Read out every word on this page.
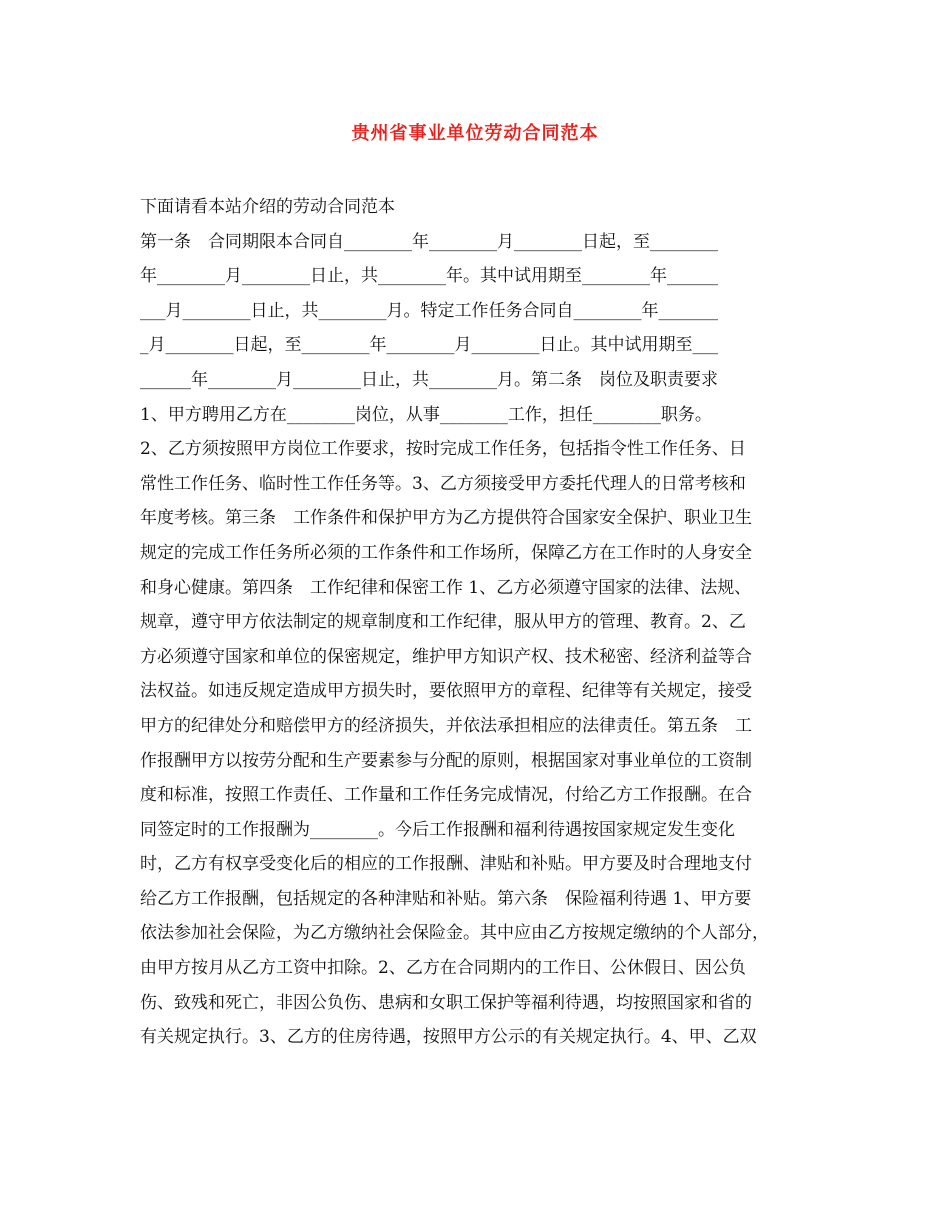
贵州省事业单位劳动合同范本
下面请看本站介绍的劳动合同范本
第一条　合同期限本合同自________年________月________日起，至________
年________月________日止，共________年。其中试用期至________年______
___月________日止，共________月。特定工作任务合同自________年_______
_月________日起，至________年________月________日止。其中试用期至___
______年________月________日止，共________月。第二条　岗位及职责要求
1、甲方聘用乙方在________岗位，从事________工作，担任________职务。
2、乙方须按照甲方岗位工作要求，按时完成工作任务，包括指令性工作任务、日
常性工作任务、临时性工作任务等。3、乙方须接受甲方委托代理人的日常考核和
年度考核。第三条　工作条件和保护甲方为乙方提供符合国家安全保护、职业卫生
规定的完成工作任务所必须的工作条件和工作场所，保障乙方在工作时的人身安全
和身心健康。第四条　工作纪律和保密工作 1、乙方必须遵守国家的法律、法规、
规章，遵守甲方依法制定的规章制度和工作纪律，服从甲方的管理、教育。2、乙
方必须遵守国家和单位的保密规定，维护甲方知识产权、技术秘密、经济利益等合
法权益。如违反规定造成甲方损失时，要依照甲方的章程、纪律等有关规定，接受
甲方的纪律处分和赔偿甲方的经济损失，并依法承担相应的法律责任。第五条　工
作报酬甲方以按劳分配和生产要素参与分配的原则，根据国家对事业单位的工资制
度和标准，按照工作责任、工作量和工作任务完成情况，付给乙方工作报酬。在合
同签定时的工作报酬为________。今后工作报酬和福利待遇按国家规定发生变化
时，乙方有权享受变化后的相应的工作报酬、津贴和补贴。甲方要及时合理地支付
给乙方工作报酬，包括规定的各种津贴和补贴。第六条　保险福利待遇 1、甲方要
依法参加社会保险，为乙方缴纳社会保险金。其中应由乙方按规定缴纳的个人部分，
由甲方按月从乙方工资中扣除。2、乙方在合同期内的工作日、公休假日、因公负
伤、致残和死亡，非因公负伤、患病和女职工保护等福利待遇，均按照国家和省的
有关规定执行。3、乙方的住房待遇，按照甲方公示的有关规定执行。4、甲、乙双
